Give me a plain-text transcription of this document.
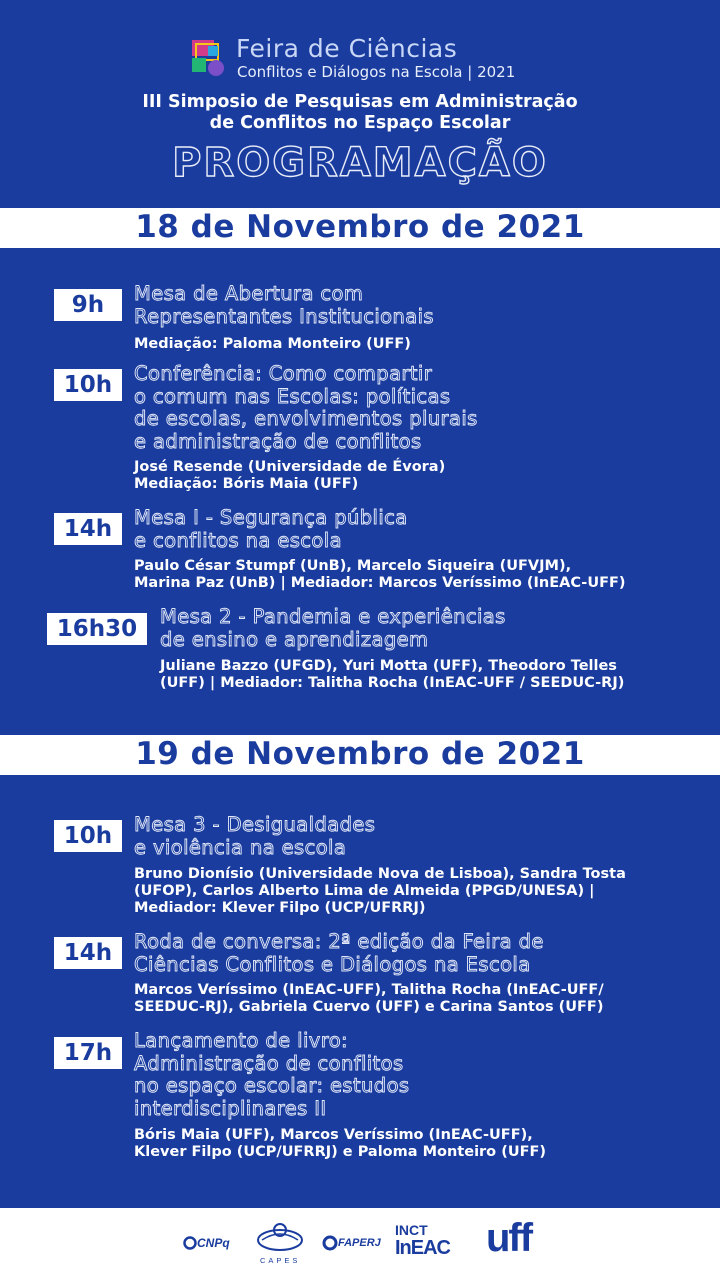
Feira de Ciências
Conflitos e Diálogos na Escola | 2021
III Simposio de Pesquisas em Administração
de Conflitos no Espaço Escolar
PROGRAMAÇÃO
18 de Novembro de 2021
9h	Mesa de Abertura com
Representantes Institucionais
Mediação: Paloma Monteiro (UFF)
10h	Conferência: Como compartir
o comum nas Escolas: políticas
de escolas, envolvimentos plurais
e administração de conflitos
José Resende (Universidade de Évora)
Mediação: Bóris Maia (UFF)
14h	Mesa I - Segurança pública
e conflitos na escola
Paulo César Stumpf (UnB), Marcelo Siqueira (UFVJM),
Marina Paz (UnB) | Mediador: Marcos Veríssimo (InEAC-UFF)
16h30	Mesa 2 - Pandemia e experiências
de ensino e aprendizagem
Juliane Bazzo (UFGD), Yuri Motta (UFF), Theodoro Telles
(UFF) | Mediador: Talitha Rocha (InEAC-UFF / SEEDUC-RJ)
19 de Novembro de 2021
10h	Mesa 3 - Desigualdades
e violência na escola
Bruno Dionísio (Universidade Nova de Lisboa), Sandra Tosta
(UFOP), Carlos Alberto Lima de Almeida (PPGD/UNESA) |
Mediador: Klever Filpo (UCP/UFRRJ)
14h	Roda de conversa: 2ª edição da Feira de
Ciências Conflitos e Diálogos na Escola
Marcos Veríssimo (InEAC-UFF), Talitha Rocha (InEAC-UFF/
SEEDUC-RJ), Gabriela Cuervo (UFF) e Carina Santos (UFF)
17h	Lançamento de livro:
Administração de conflitos
no espaço escolar: estudos
interdisciplinares II
Bóris Maia (UFF), Marcos Veríssimo (InEAC-UFF),
Klever Filpo (UCP/UFRRJ) e Paloma Monteiro (UFF)
CNPq
CAPES
FAPERJ
INCT
InEAC uff
